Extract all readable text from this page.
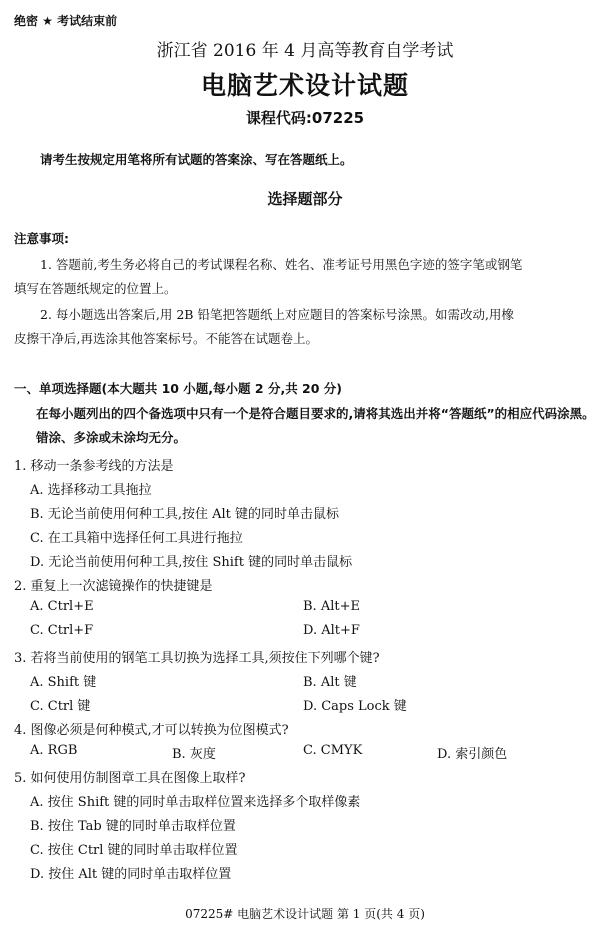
绝密 ★ 考试结束前
浙江省 2016 年 4 月高等教育自学考试
电脑艺术设计试题
课程代码:07225
请考生按规定用笔将所有试题的答案涂、写在答题纸上。
选择题部分
注意事项:
1. 答题前,考生务必将自己的考试课程名称、姓名、准考证号用黑色字迹的签字笔或钢笔
填写在答题纸规定的位置上。
2. 每小题选出答案后,用 2B 铅笔把答题纸上对应题目的答案标号涂黑。如需改动,用橡
皮擦干净后,再选涂其他答案标号。不能答在试题卷上。
一、单项选择题(本大题共 10 小题,每小题 2 分,共 20 分)
在每小题列出的四个备选项中只有一个是符合题目要求的,请将其选出并将“答题纸”的相应代码涂黑。错涂、多涂或未涂均无分。
1. 移动一条参考线的方法是
A. 选择移动工具拖拉
B. 无论当前使用何种工具,按住 Alt 键的同时单击鼠标
C. 在工具箱中选择任何工具进行拖拉
D. 无论当前使用何种工具,按住 Shift 键的同时单击鼠标
2. 重复上一次滤镜操作的快捷键是
A. Ctrl+E	B. Alt+E
C. Ctrl+F	D. Alt+F
3. 若将当前使用的钢笔工具切换为选择工具,须按住下列哪个键?
A. Shift 键	B. Alt 键
C. Ctrl 键	D. Caps Lock 键
4. 图像必须是何种模式,才可以转换为位图模式?
A. RGB	B. 灰度	C. CMYK	D. 索引颜色
5. 如何使用仿制图章工具在图像上取样?
A. 按住 Shift 键的同时单击取样位置来选择多个取样像素
B. 按住 Tab 键的同时单击取样位置
C. 按住 Ctrl 键的同时单击取样位置
D. 按住 Alt 键的同时单击取样位置
07225# 电脑艺术设计试题 第 1 页(共 4 页)
